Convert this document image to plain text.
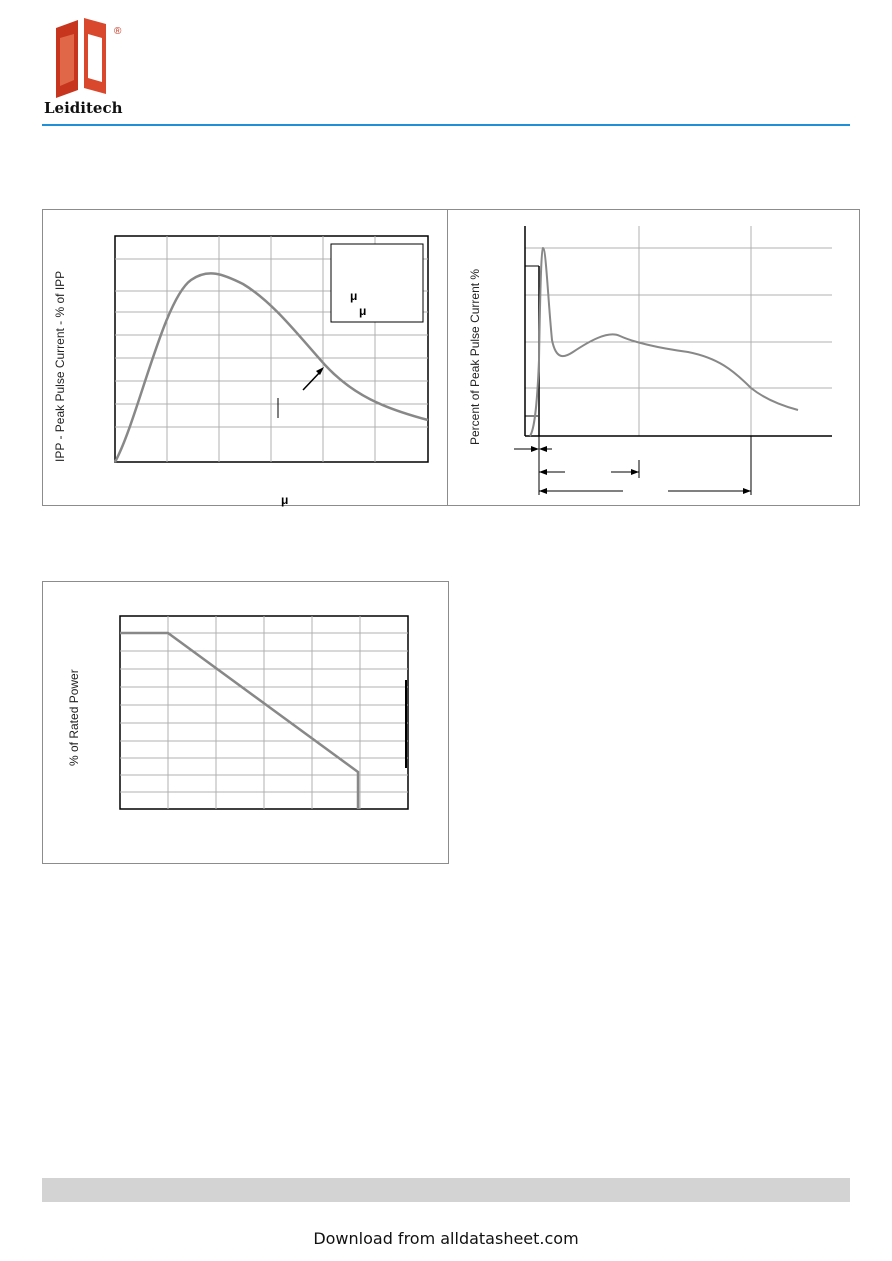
®
Leiditech
μ
μ
μ
IPP - Peak Pulse Current - % of IPP	Percent of Peak Pulse Current %
% of Rated Power
Download from alldatasheet.com
